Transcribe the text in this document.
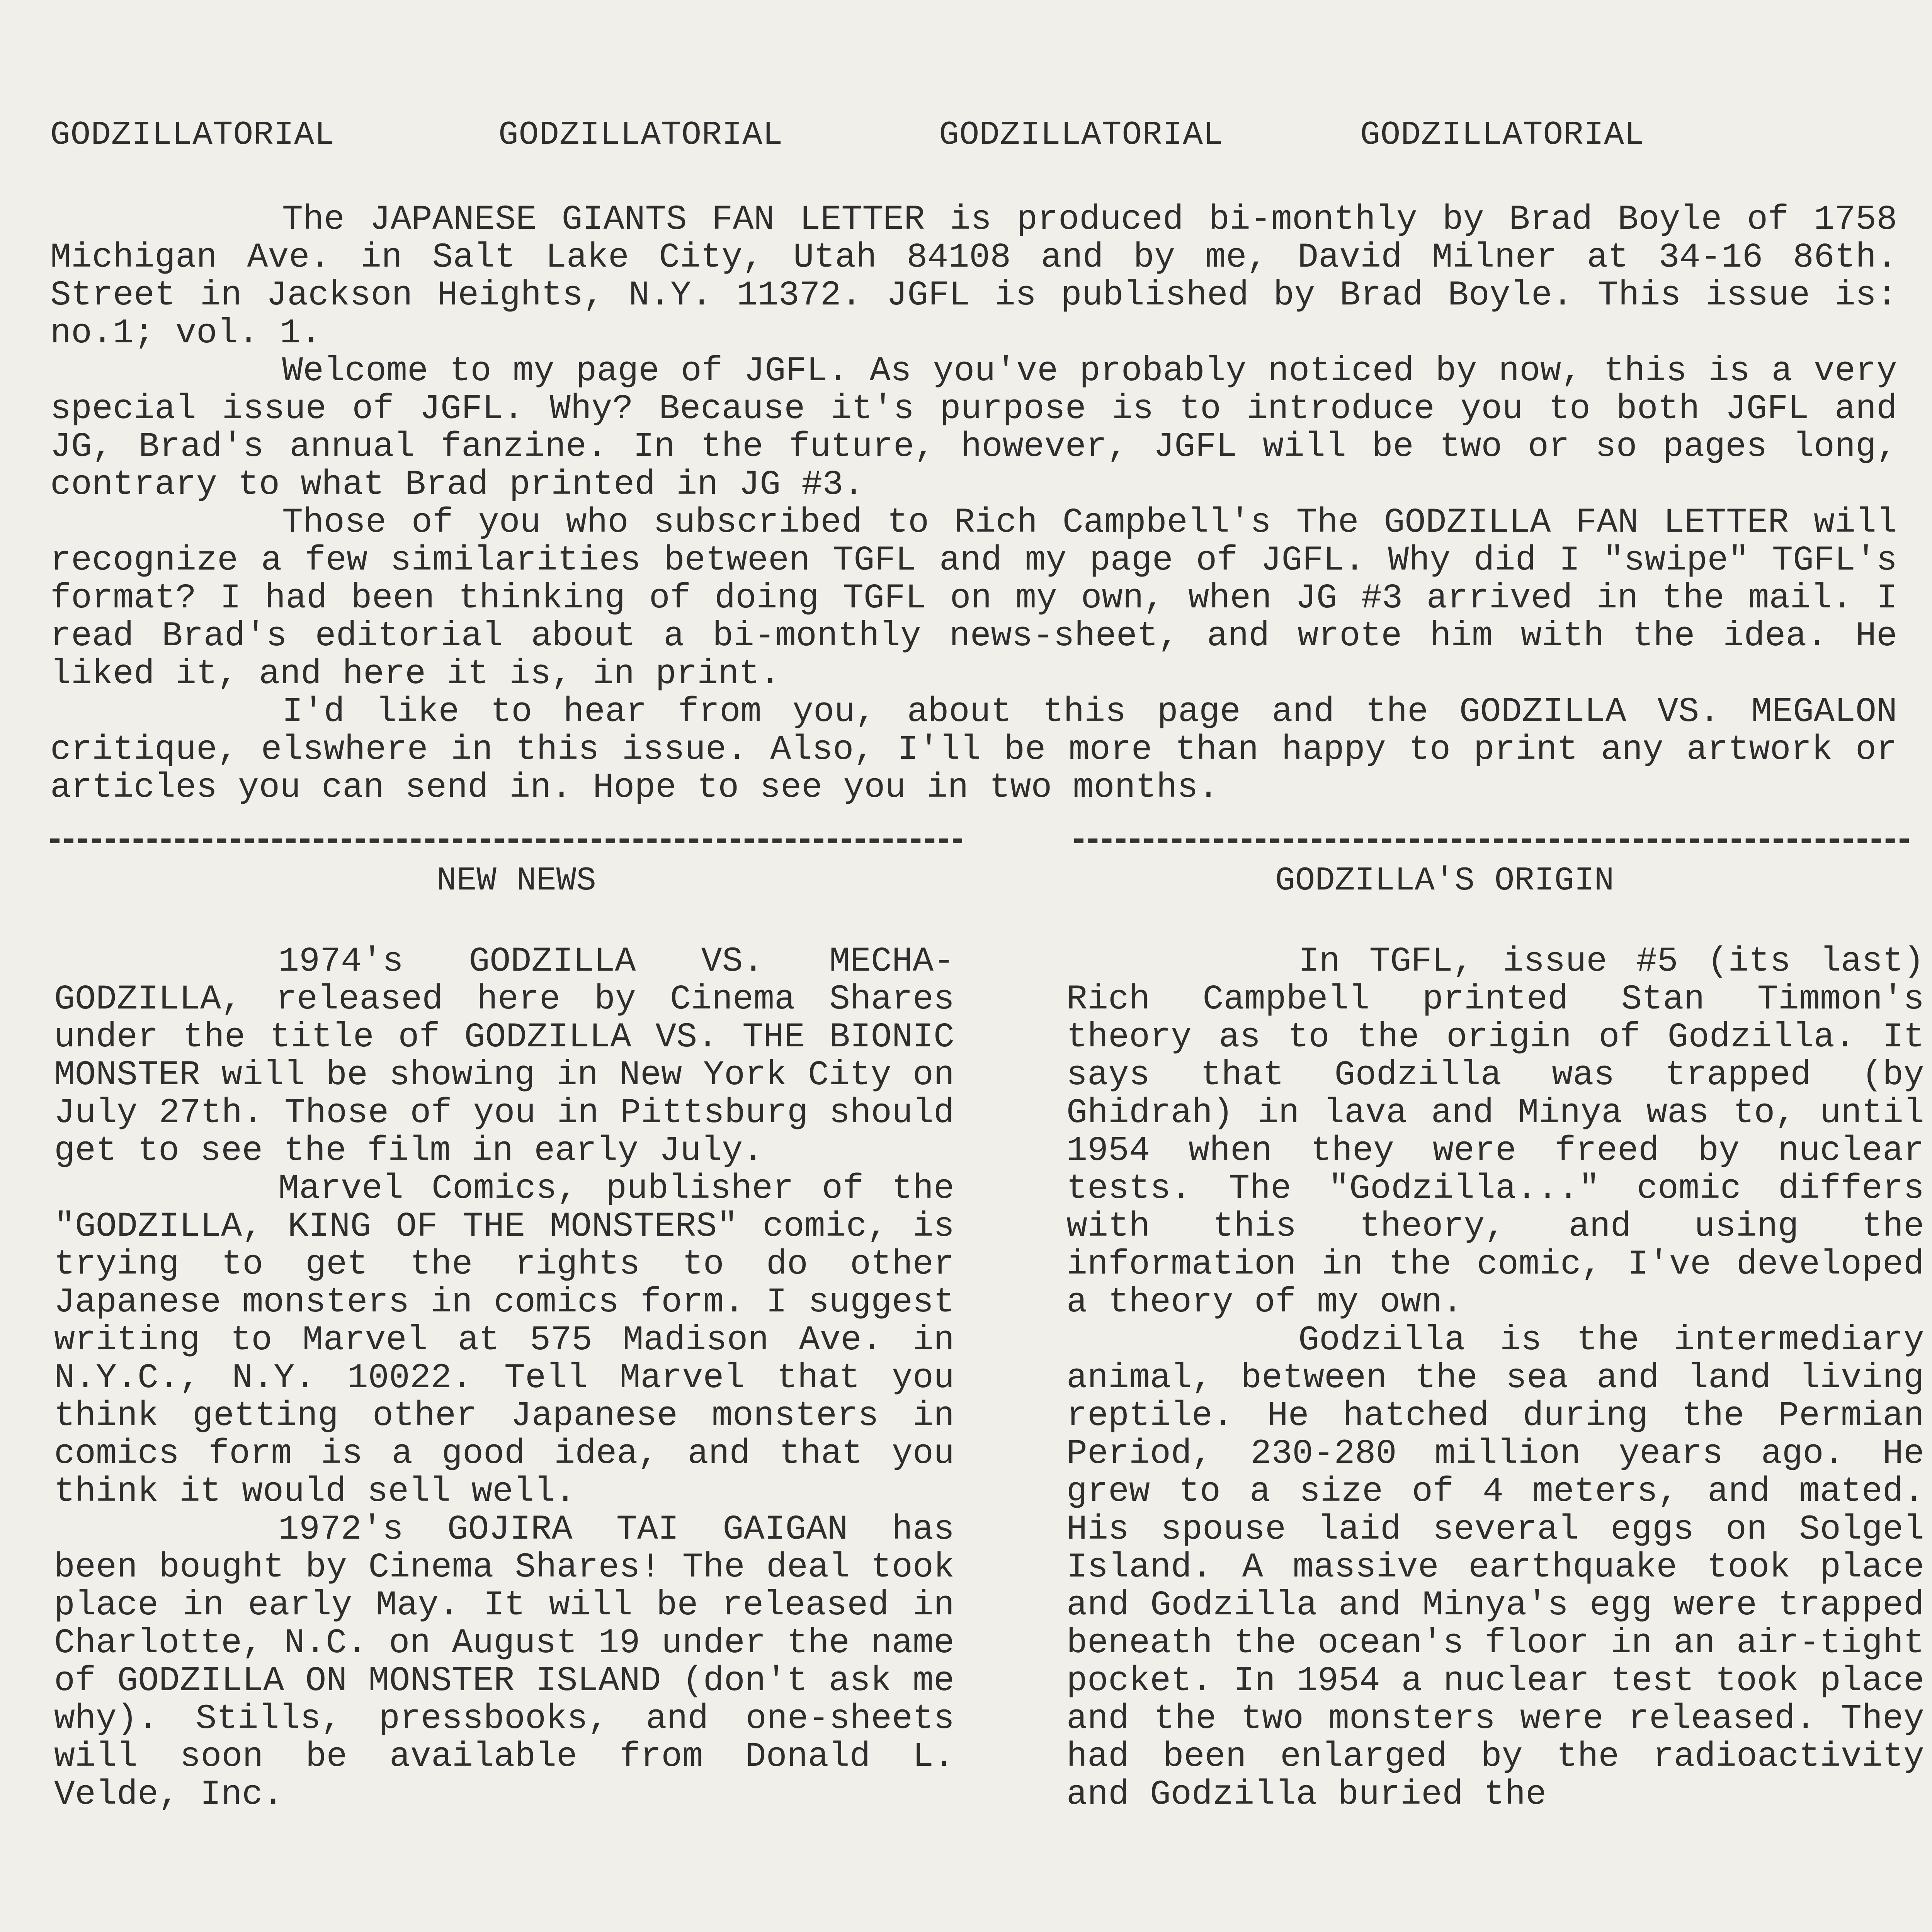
GODZILLATORIAL	GODZILLATORIAL	GODZILLATORIAL	GODZILLATORIAL

The JAPANESE GIANTS FAN LETTER is produced bi-monthly by Brad Boyle of 1758 Michigan Ave. in Salt Lake City, Utah 84108 and by me, David Milner at 34-16 86th. Street in Jackson Heights, N.Y. 11372. JGFL is published by Brad Boyle. This issue is: no.1; vol. 1.

Welcome to my page of JGFL. As you've probably noticed by now, this is a very special issue of JGFL. Why? Because it's purpose is to introduce you to both JGFL and JG, Brad's annual fanzine. In the future, however, JGFL will be two or so pages long, contrary to what Brad printed in JG #3.

Those of you who subscribed to Rich Campbell's The GODZILLA FAN LETTER will recognize a few similarities between TGFL and my page of JGFL. Why did I "swipe" TGFL's format? I had been thinking of doing TGFL on my own, when JG #3 arrived in the mail. I read Brad's editorial about a bi-monthly news-sheet, and wrote him with the idea. He liked it, and here it is, in print.

I'd like to hear from you, about this page and the GODZILLA VS. MEGALON critique, elswhere in this issue. Also, I'll be more than happy to print any artwork or articles you can send in. Hope to see you in two months.

NEW NEWS	GODZILLA'S ORIGIN

1974's GODZILLA VS. MECHA-GODZILLA, released here by Cinema Shares under the title of GODZILLA VS. THE BIONIC MONSTER will be showing in New York City on July 27th. Those of you in Pittsburg should get to see the film in early July.

Marvel Comics, publisher of the "GODZILLA, KING OF THE MONSTERS" comic, is trying to get the rights to do other Japanese monsters in comics form. I suggest writing to Marvel at 575 Madison Ave. in N.Y.C., N.Y. 10022. Tell Marvel that you think getting other Japanese monsters in comics form is a good idea, and that you think it would sell well.

1972's GOJIRA TAI GAIGAN has been bought by Cinema Shares! The deal took place in early May. It will be released in Charlotte, N.C. on August 19 under the name of GODZILLA ON MONSTER ISLAND (don't ask me why). Stills, pressbooks, and one-sheets will soon be available from Donald L. Velde, Inc.

In TGFL, issue #5 (its last) Rich Campbell printed Stan Timmon's theory as to the origin of Godzilla. It says that Godzilla was trapped (by Ghidrah) in lava and Minya was to, until 1954 when they were freed by nuclear tests. The "Godzilla..." comic differs with this theory, and using the information in the comic, I've developed a theory of my own.

Godzilla is the intermediary animal, between the sea and land living reptile. He hatched during the Permian Period, 230-280 million years ago. He grew to a size of 4 meters, and mated. His spouse laid several eggs on Solgel Island. A massive earthquake took place and Godzilla and Minya's egg were trapped beneath the ocean's floor in an air-tight pocket. In 1954 a nuclear test took place and the two monsters were released. They had been enlarged by the radioactivity and Godzilla buried the
